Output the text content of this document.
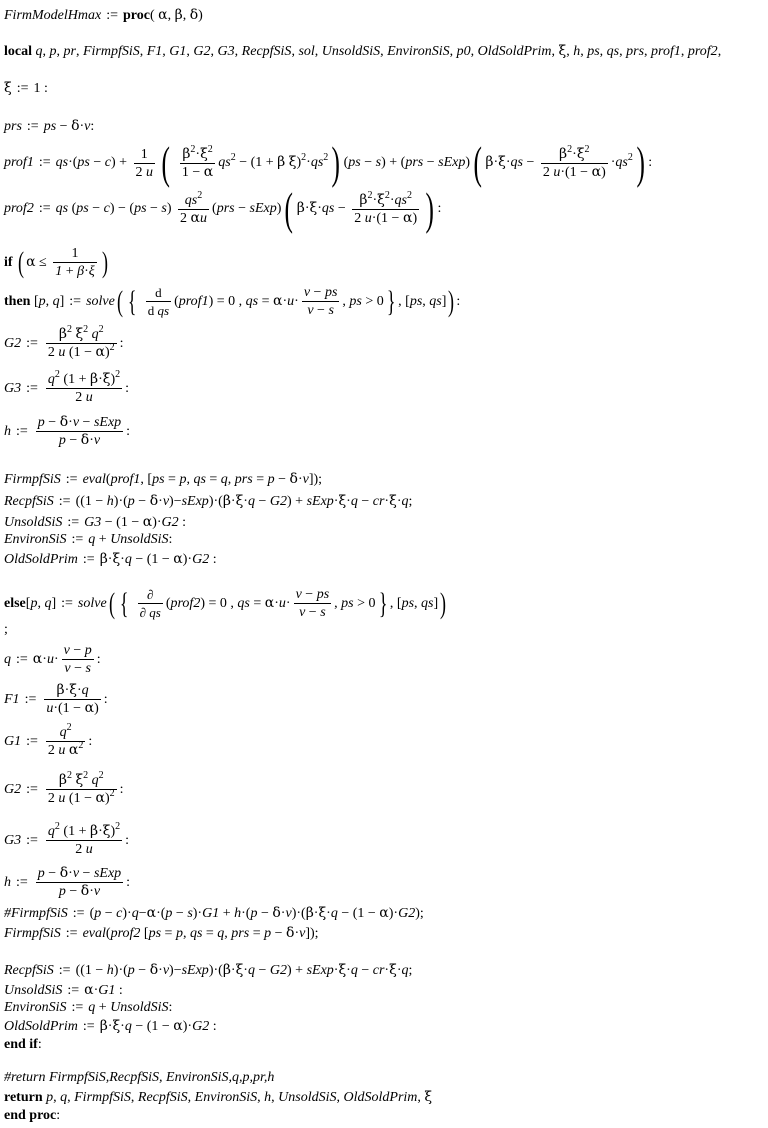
FirmModelHmax := proc( α, β, δ)
local q, p, pr, FirmpfSiS, F1, G1, G2, G3, RecpfSiS, sol, UnsoldSiS, EnvironSiS, p0, OldSoldPrim, ξ, h, ps, qs, prs, prof1, prof2,
ξ := 1 :
prs := ps − δ·v:
prof1 := $qs\cdot(ps - c) + \frac{1}{2 u}$ ( $\frac{\beta^2\cdot\xi^2}{1 - \alpha} qs^2 - (1 + \beta$ $\xi)^2\cdot qs^2$) (ps − s) + (prs − sExp)( $\beta\cdot\xi\cdot qs - \frac{\beta^2\cdot\xi^2}{2 u\cdot(1 - \alpha)} \cdot qs^2$) :
prof2 := qs $(ps - c) - (ps - s) \frac{qs^2}{2 \alpha u} (prs$ − sExp)( $\beta\cdot\xi\cdot qs - \frac{\beta^2\cdot\xi^2\cdot qs^2}{2 u\cdot(1 - \alpha)}$ ) :
if ( $\alpha \le \frac{1}{1 + \beta\cdot\xi}$ )
then [p, q] := solve( { $\frac{d}{\text{d qs}}$ (prof1) = 0 , qs = $\alpha\cdot u\cdot \frac{v - ps}{v - s}$ , ps > 0} , [ps, qs]) :
G2 := $\frac{\beta^2 \xi^2 q^2}{2 u (1 - \alpha)^2}$ :
G3 := $\frac{q^2 (1 + \beta\cdot\xi)^2}{2 u}$ :
h :=
p − δ·v − sExp
p − δ·v
:
FirmpfSiS := eval(prof1, [ps = p, qs = q, prs = p − δ·v]);
RecpfSiS := ((1 − h)·(p − δ·v)−sExp)·(β·ξ·q − G2) + sExp·ξ·q − cr·ξ·q;
UnsoldSiS := G3 − (1 − α)·G2 :
EnvironSiS := q + UnsoldSiS:
OldSoldPrim := β·ξ·q − (1 − α)·G2 :
else[p, q] := solve( {	∂
∂ qs
(prof2) = 0 , qs = $\alpha\cdot u\cdot \frac{v - ps}{v - s}$ , ps > 0} , [ps, qs])
;
q := $\alpha\cdot u\cdot \frac{v - p}{v - s}$ :
F1 := $\frac{\beta\cdot\xi\cdot q}{u\cdot(1 - \alpha)}$ :
G1 := $\frac{q^2}{2 u \alpha^2}$ :
G2 := $\frac{\beta^2 \xi^2 q^2}{2 u (1 - \alpha)^2}$ :
G3 := $\frac{q^2 (1 + \beta\cdot\xi)^2}{2 u}$ :
h :=
p − δ·v − sExp
p − δ·v
:
#FirmpfSiS := (p − c)·q−α·(p − s)·G1 + h·(p − δ·v)·(β·ξ·q − (1 − α)·G2);
FirmpfSiS := eval(prof2 [ps = p, qs = q, prs = p − δ·v]);
RecpfSiS := ((1 − h)·(p − δ·v)−sExp)·(β·ξ·q − G2) + sExp·ξ·q − cr·ξ·q;
UnsoldSiS := α·G1 :
EnvironSiS := q + UnsoldSiS:
OldSoldPrim := β·ξ·q − (1 − α)·G2 :
end if:
#return FirmpfSiS,RecpfSiS, EnvironSiS,q,p,pr,h
return p, q, FirmpfSiS, RecpfSiS, EnvironSiS, h, UnsoldSiS, OldSoldPrim, ξ
end proc:
